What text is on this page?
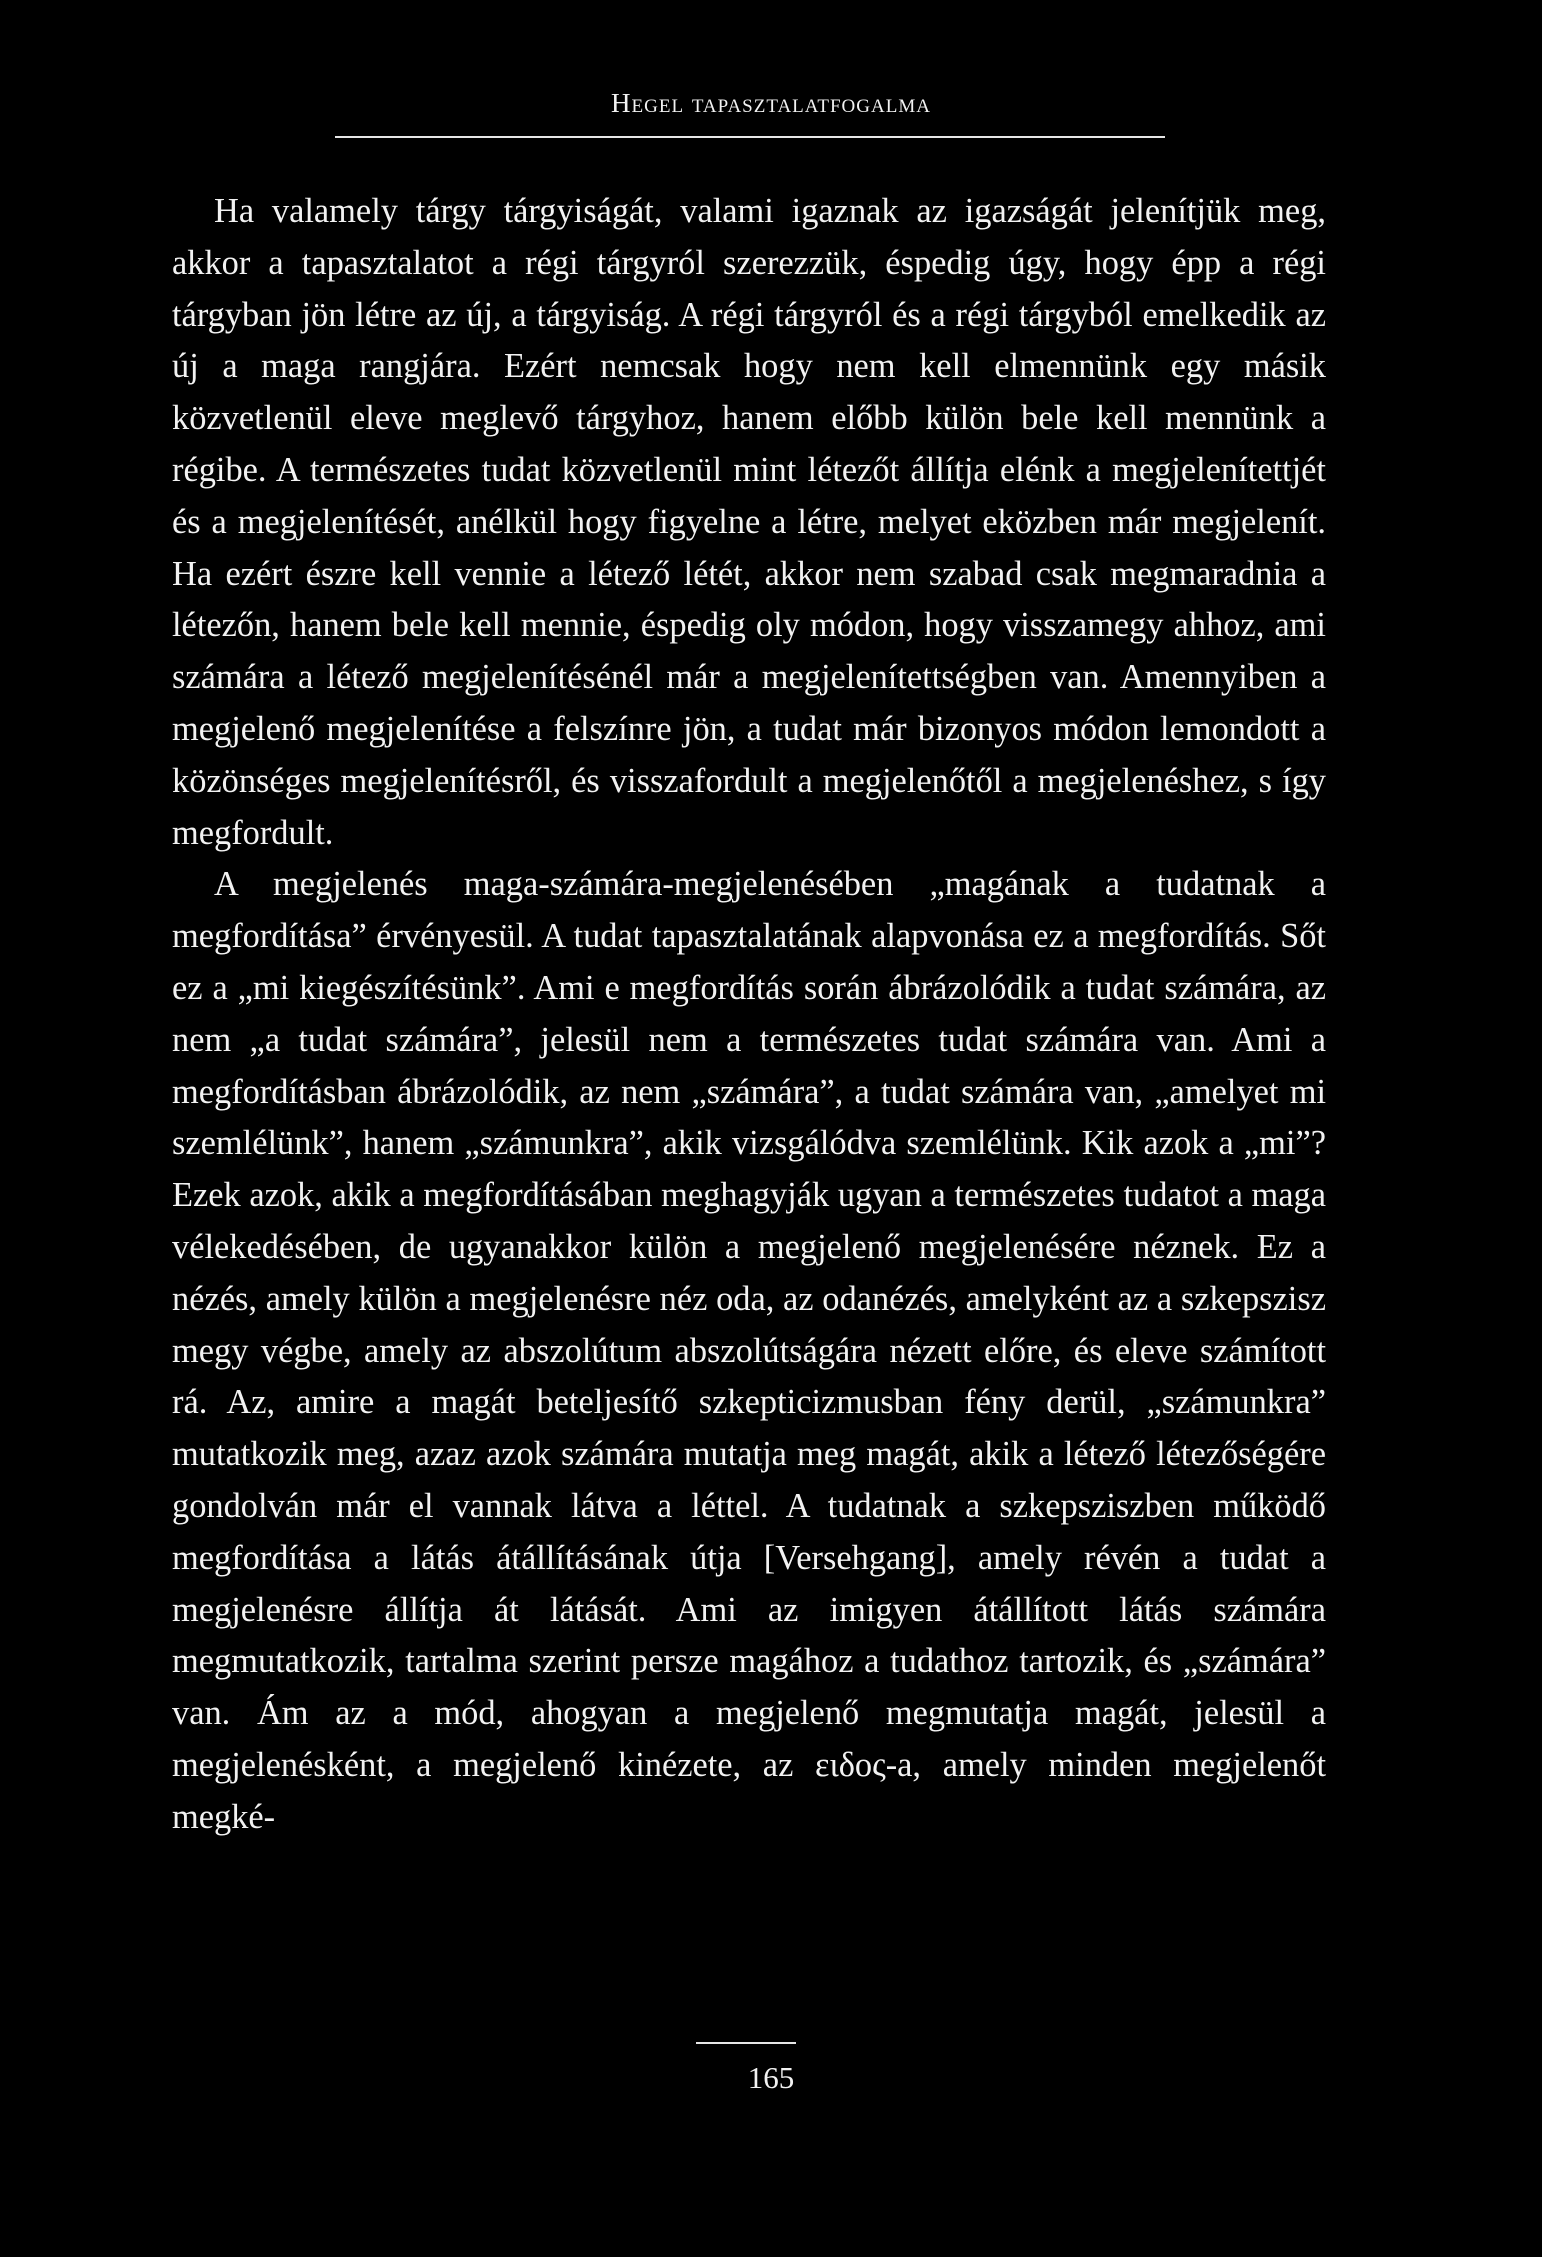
Hegel tapasztalatfogalma

Ha valamely tárgy tárgyiságát, valami igaznak az igazságát jelenítjük meg, akkor a tapasztalatot a régi tárgyról szerezzük, éspedig úgy, hogy épp a régi tárgyban jön létre az új, a tárgyiság. A régi tárgyról és a régi tárgyból emelkedik az új a maga rangjára. Ezért nemcsak hogy nem kell elmennünk egy másik közvetlenül eleve meglevő tárgyhoz, hanem előbb külön bele kell mennünk a régibe. A természetes tudat közvetlenül mint létezőt állítja elénk a megjelenítettjét és a megjelenítését, anélkül hogy figyelne a létre, melyet eközben már megjelenít. Ha ezért észre kell vennie a létező létét, akkor nem szabad csak megmaradnia a létezőn, hanem bele kell mennie, éspedig oly módon, hogy visszamegy ahhoz, ami számára a létező megjelenítésénél már a megjelenítettségben van. Amennyiben a megjelenő megjelenítése a felszínre jön, a tudat már bizonyos módon lemondott a közönséges megjelenítésről, és visszafordult a megjelenőtől a megjelenéshez, s így megfordult.

A megjelenés maga-számára-megjelenésében „magának a tudatnak a megfordítása” érvényesül. A tudat tapasztalatának alapvonása ez a megfordítás. Sőt ez a „mi kiegészítésünk”. Ami e megfordítás során ábrázolódik a tudat számára, az nem „a tudat számára”, jelesül nem a természetes tudat számára van. Ami a megfordításban ábrázolódik, az nem „számára”, a tudat számára van, „amelyet mi szemlélünk”, hanem „számunkra”, akik vizsgálódva szemlélünk. Kik azok a „mi”? Ezek azok, akik a megfordításában meghagyják ugyan a természetes tudatot a maga vélekedésében, de ugyanakkor külön a megjelenő megjelenésére néznek. Ez a nézés, amely külön a megjelenésre néz oda, az odanézés, amelyként az a szkepszisz megy végbe, amely az abszolútum abszolútságára nézett előre, és eleve számított rá. Az, amire a magát beteljesítő szkepticizmusban fény derül, „számunkra” mutatkozik meg, azaz azok számára mutatja meg magát, akik a létező létezőségére gondolván már el vannak látva a léttel. A tudatnak a szkepsziszben működő megfordítása a látás átállításának útja [Versehgang], amely révén a tudat a megjelenésre állítja át látását. Ami az imigyen átállított látás számára megmutatkozik, tartalma szerint persze magához a tudathoz tartozik, és „számára” van. Ám az a mód, ahogyan a megjelenő megmutatja magát, jelesül a megjelenésként, a megjelenő kinézete, az ειδος-a, amely minden megjelenőt megké-

165
